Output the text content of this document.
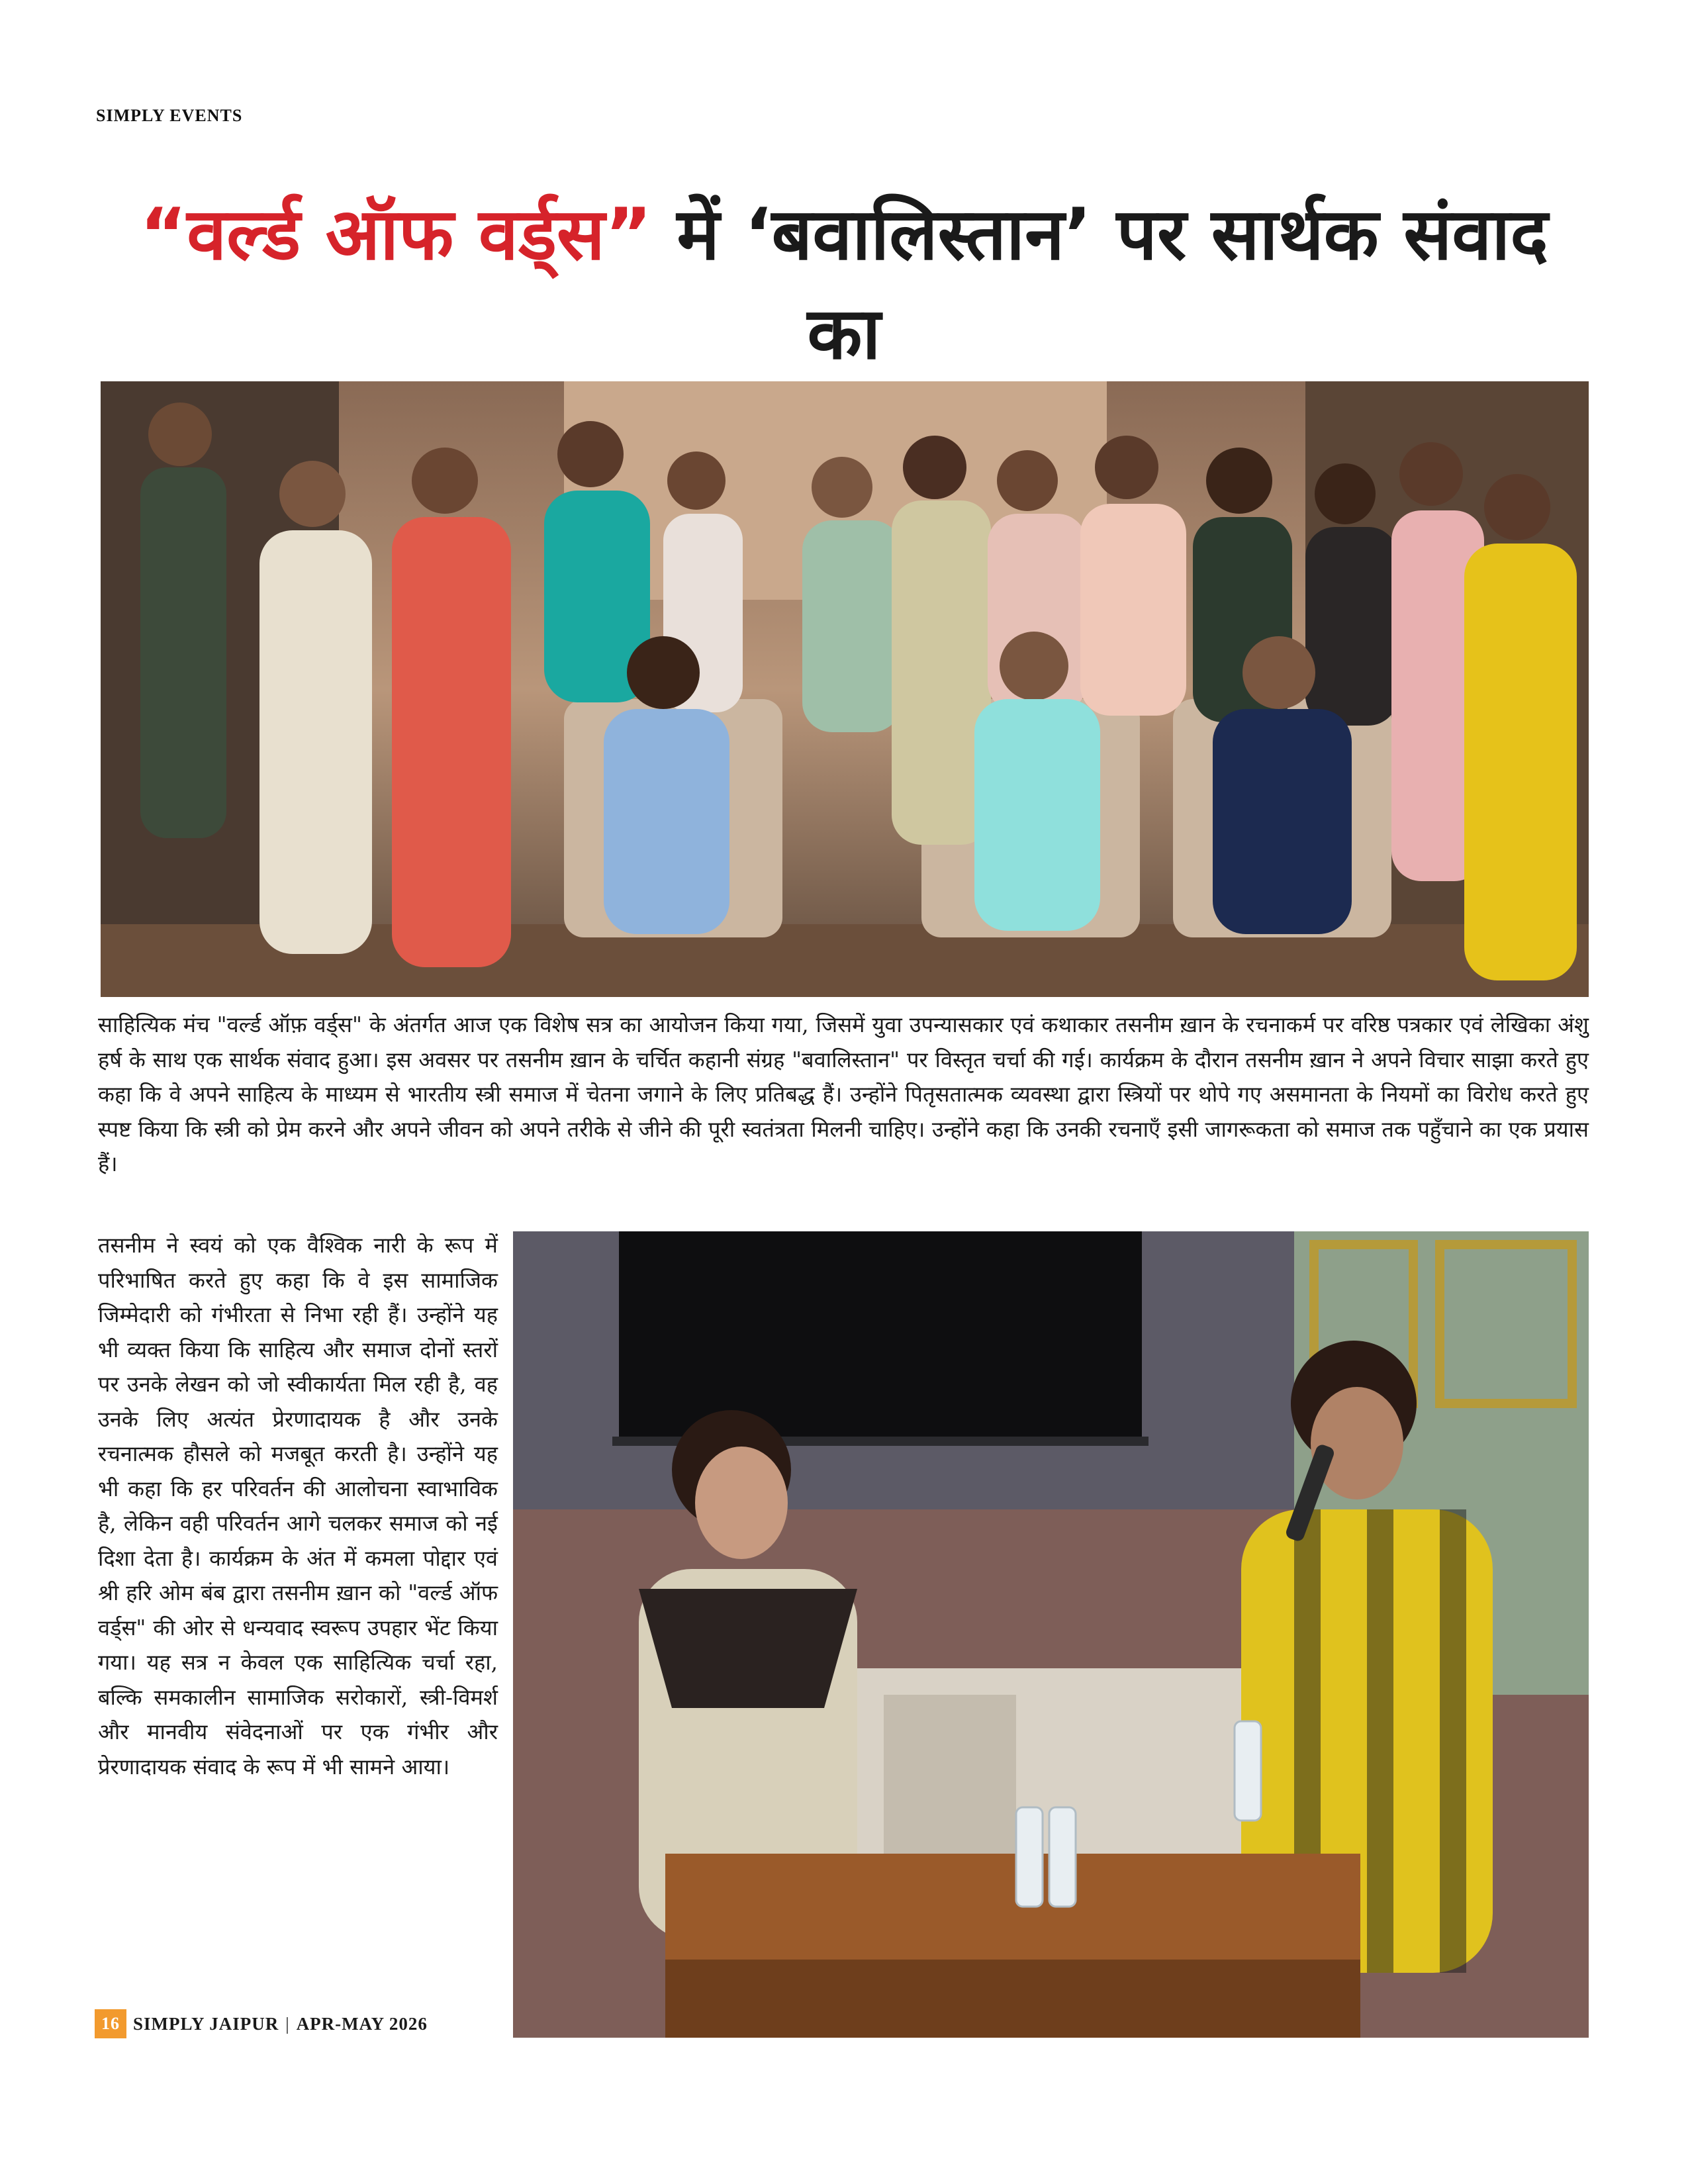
SIMPLY EVENTS
“वर्ल्ड ऑफ वर्ड्स” में ‘बवालिस्तान’ पर सार्थक संवाद का

साहित्यिक मंच "वर्ल्ड ऑफ़ वर्ड्स" के अंतर्गत आज एक विशेष सत्र का आयोजन किया गया, जिसमें युवा उपन्यासकार एवं कथाकार तसनीम ख़ान के रचनाकर्म पर वरिष्ठ पत्रकार एवं लेखिका अंशु हर्ष के साथ एक सार्थक संवाद हुआ। इस अवसर पर तसनीम ख़ान के चर्चित कहानी संग्रह "बवालिस्तान" पर विस्तृत चर्चा की गई। कार्यक्रम के दौरान तसनीम ख़ान ने अपने विचार साझा करते हुए कहा कि वे अपने साहित्य के माध्यम से भारतीय स्त्री समाज में चेतना जगाने के लिए प्रतिबद्ध हैं। उन्होंने पितृसतात्मक व्यवस्था द्वारा स्त्रियों पर थोपे गए असमानता के नियमों का विरोध करते हुए स्पष्ट किया कि स्त्री को प्रेम करने और अपने जीवन को अपने तरीके से जीने की पूरी स्वतंत्रता मिलनी चाहिए। उन्होंने कहा कि उनकी रचनाएँ इसी जागरूकता को समाज तक पहुँचाने का एक प्रयास हैं।
तसनीम ने स्वयं को एक वैश्विक नारी के रूप में परिभाषित करते हुए कहा कि वे इस सामाजिक जिम्मेदारी को गंभीरता से निभा रही हैं। उन्होंने यह भी व्यक्त किया कि साहित्य और समाज दोनों स्तरों पर उनके लेखन को जो स्वीकार्यता मिल रही है, वह उनके लिए अत्यंत प्रेरणादायक है और उनके रचनात्मक हौसले को मजबूत करती है। उन्होंने यह भी कहा कि हर परिवर्तन की आलोचना स्वाभाविक है, लेकिन वही परिवर्तन आगे चलकर समाज को नई दिशा देता है। कार्यक्रम के अंत में कमला पोद्दार एवं श्री हरि ओम बंब द्वारा तसनीम ख़ान को "वर्ल्ड ऑफ वर्ड्स" की ओर से धन्यवाद स्वरूप उपहार भेंट किया गया। यह सत्र न केवल एक साहित्यिक चर्चा रहा, बल्कि समकालीन सामाजिक सरोकारों, स्त्री-विमर्श और मानवीय संवेदनाओं पर एक गंभीर और प्रेरणादायक संवाद के रूप में भी सामने आया।
16 SIMPLY JAIPUR | APR-MAY 2026
